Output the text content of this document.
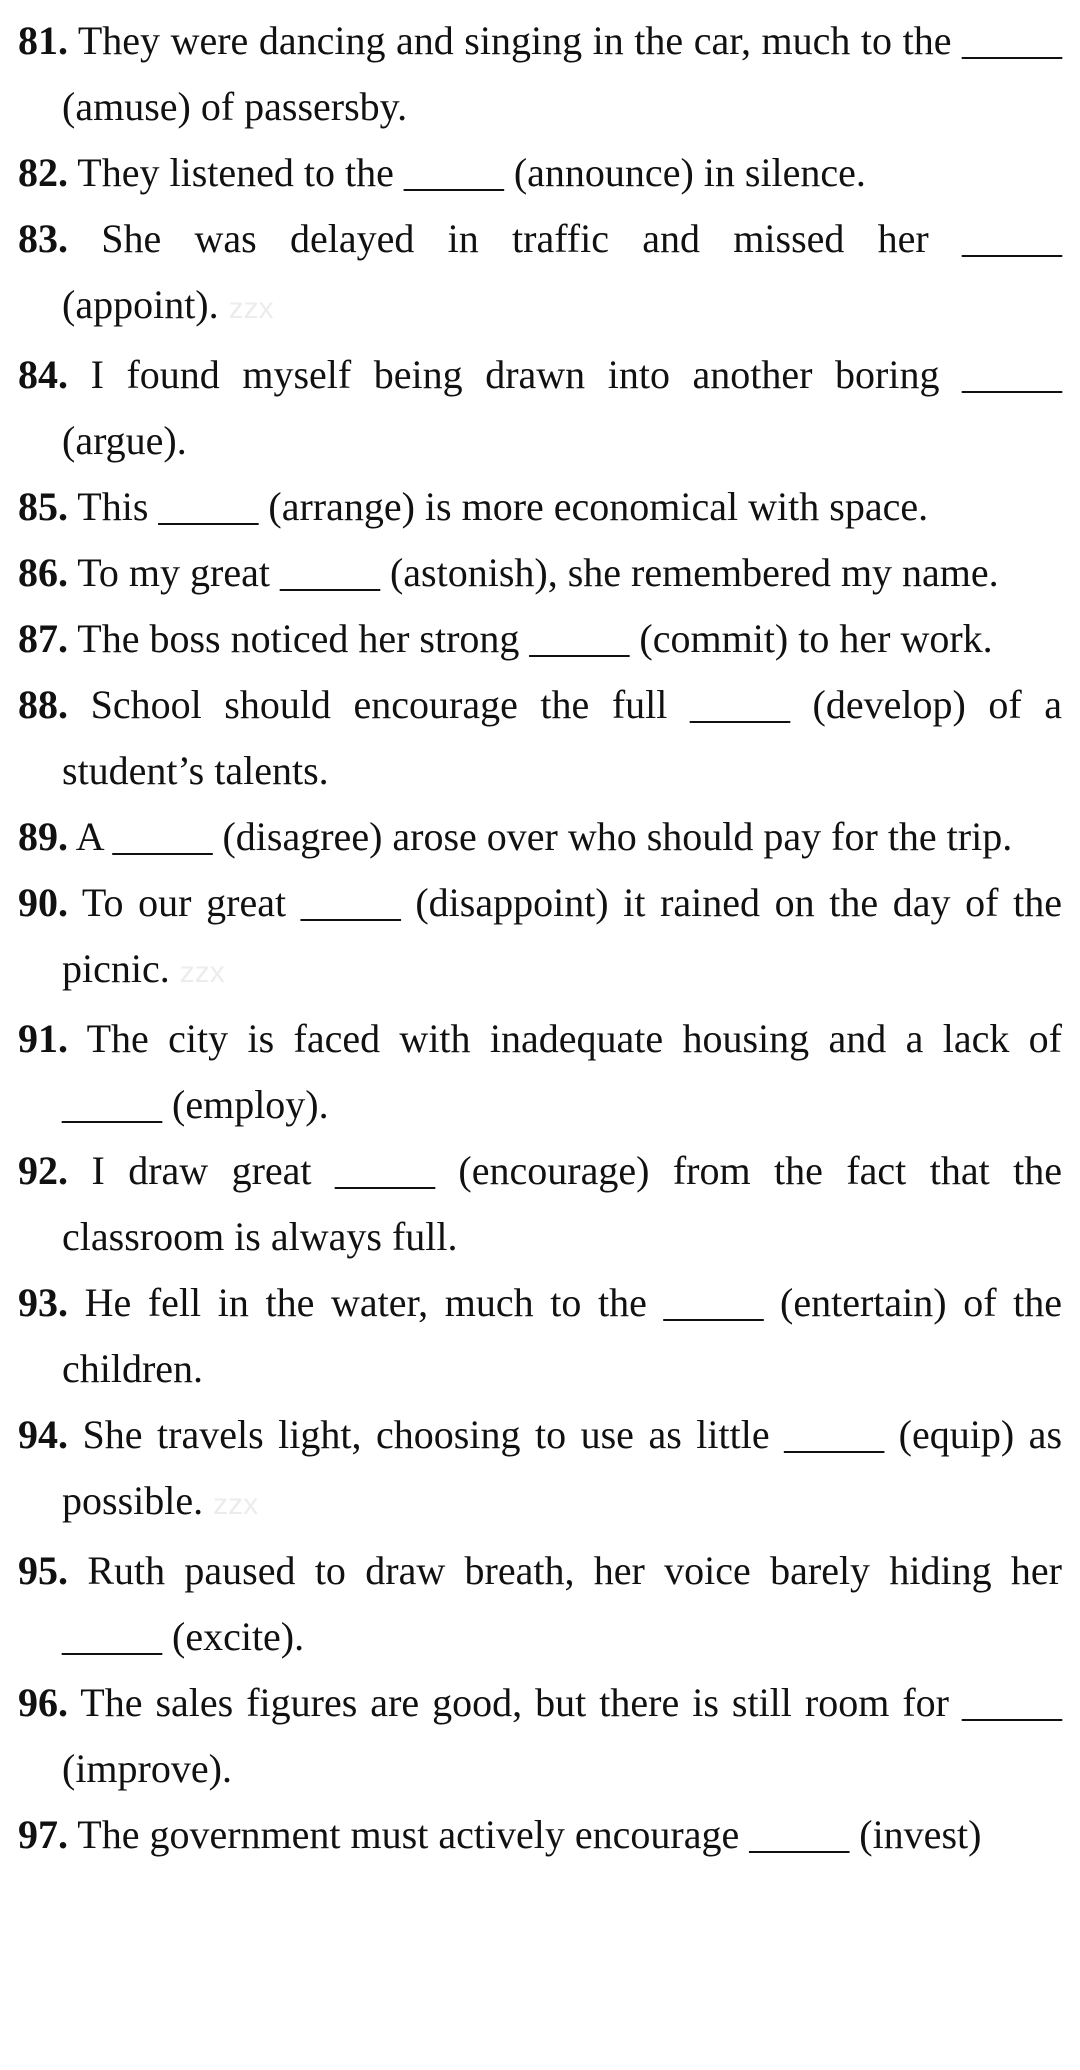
81. They were dancing and singing in the car, much to the _____ (amuse) of passersby.

82. They listened to the _____ (announce) in silence.

83. She was delayed in traffic and missed her _____ (appoint). zzx

84. I found myself being drawn into another boring _____ (argue).

85. This _____ (arrange) is more economical with space.

86. To my great _____ (astonish), she remembered my name.

87. The boss noticed her strong _____ (commit) to her work.

88. School should encourage the full _____ (develop) of a student’s talents.

89. A _____ (disagree) arose over who should pay for the trip.

90. To our great _____ (disappoint) it rained on the day of the picnic. zzx

91. The city is faced with inadequate housing and a lack of _____ (employ).

92. I draw great _____ (encourage) from the fact that the classroom is always full.

93. He fell in the water, much to the _____ (entertain) of the children.

94. She travels light, choosing to use as little _____ (equip) as possible. zzx

95. Ruth paused to draw breath, her voice barely hiding her _____ (excite).

96. The sales figures are good, but there is still room for _____ (improve).

97. The government must actively encourage _____ (invest)
